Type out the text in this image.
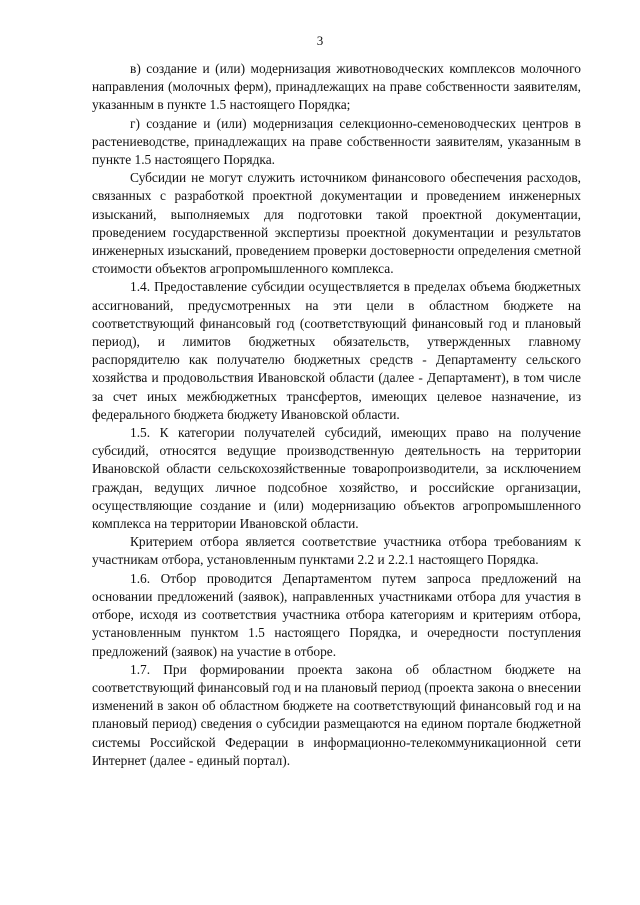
3

в) создание и (или) модернизация животноводческих комплексов молочного направления (молочных ферм), принадлежащих на праве собственности заявителям, указанным в пункте 1.5 настоящего Порядка;

г) создание и (или) модернизация селекционно-семеноводческих центров в растениеводстве, принадлежащих на праве собственности заявителям, указанным в пункте 1.5 настоящего Порядка.

Субсидии не могут служить источником финансового обеспечения расходов, связанных с разработкой проектной документации и проведением инженерных изысканий, выполняемых для подготовки такой проектной документации, проведением государственной экспертизы проектной документации и результатов инженерных изысканий, проведением проверки достоверности определения сметной стоимости объектов агропромышленного комплекса.

1.4. Предоставление субсидии осуществляется в пределах объема бюджетных ассигнований, предусмотренных на эти цели в областном бюджете на соответствующий финансовый год (соответствующий финансовый год и плановый период), и лимитов бюджетных обязательств, утвержденных главному распорядителю как получателю бюджетных средств - Департаменту сельского хозяйства и продовольствия Ивановской области (далее - Департамент), в том числе за счет иных межбюджетных трансфертов, имеющих целевое назначение, из федерального бюджета бюджету Ивановской области.

1.5. К категории получателей субсидий, имеющих право на получение субсидий, относятся ведущие производственную деятельность на территории Ивановской области сельскохозяйственные товаропроизводители, за исключением граждан, ведущих личное подсобное хозяйство, и российские организации, осуществляющие создание и (или) модернизацию объектов агропромышленного комплекса на территории Ивановской области.

Критерием отбора является соответствие участника отбора требованиям к участникам отбора, установленным пунктами 2.2 и 2.2.1 настоящего Порядка.

1.6. Отбор проводится Департаментом путем запроса предложений на основании предложений (заявок), направленных участниками отбора для участия в отборе, исходя из соответствия участника отбора категориям и критериям отбора, установленным пунктом 1.5 настоящего Порядка, и очередности поступления предложений (заявок) на участие в отборе.

1.7. При формировании проекта закона об областном бюджете на соответствующий финансовый год и на плановый период (проекта закона о внесении изменений в закон об областном бюджете на соответствующий финансовый год и на плановый период) сведения о субсидии размещаются на едином портале бюджетной системы Российской Федерации в информационно-телекоммуникационной сети Интернет (далее - единый портал).
